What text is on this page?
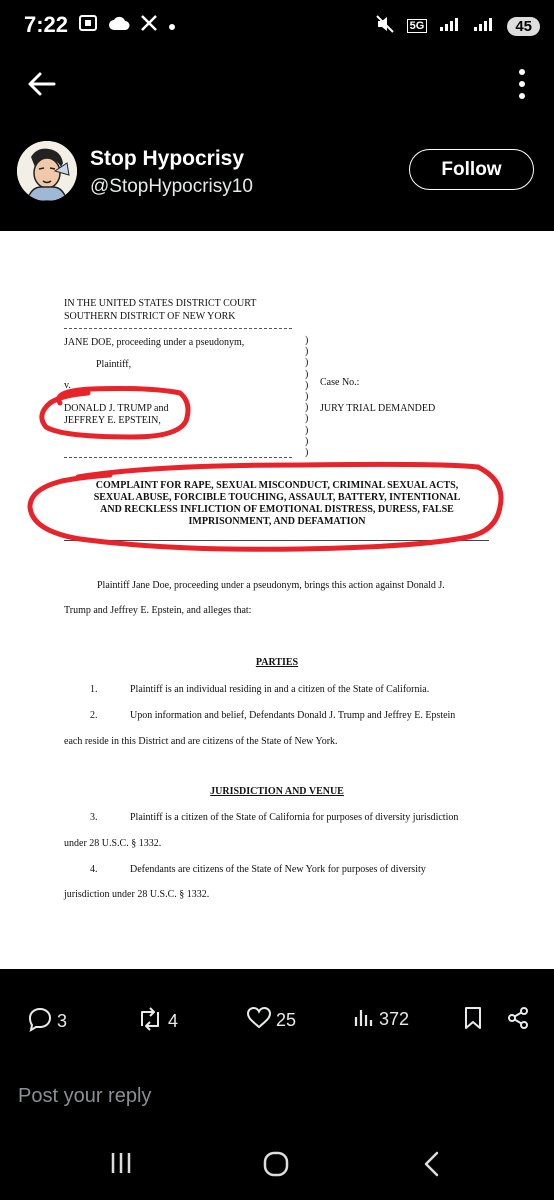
7:22	5G	45
Stop Hypocrisy
@StopHypocrisy10
Follow
IN THE UNITED STATES DISTRICT COURT
SOUTHERN DISTRICT OF NEW YORK
JANE DOE, proceeding under a pseudonym,
Plaintiff,
v.
DONALD J. TRUMP and
JEFFREY E. EPSTEIN,
)
)
)
)
)
)
)
)
)
)
)
Case No.:
JURY TRIAL DEMANDED
COMPLAINT FOR RAPE, SEXUAL MISCONDUCT, CRIMINAL SEXUAL ACTS,
SEXUAL ABUSE, FORCIBLE TOUCHING, ASSAULT, BATTERY, INTENTIONAL
AND RECKLESS INFLICTION OF EMOTIONAL DISTRESS, DURESS, FALSE
IMPRISONMENT, AND DEFAMATION
Plaintiff Jane Doe, proceeding under a pseudonym, brings this action against Donald J.
Trump and Jeffrey E. Epstein, and alleges that:
PARTIES
1.	Plaintiff is an individual residing in and a citizen of the State of California.
2.	Upon information and belief, Defendants Donald J. Trump and Jeffrey E. Epstein
each reside in this District and are citizens of the State of New York.
JURISDICTION AND VENUE
3.	Plaintiff is a citizen of the State of California for purposes of diversity jurisdiction
under 28 U.S.C. § 1332.
4.	Defendants are citizens of the State of New York for purposes of diversity
jurisdiction under 28 U.S.C. § 1332.
3	4	25	372
Post your reply
